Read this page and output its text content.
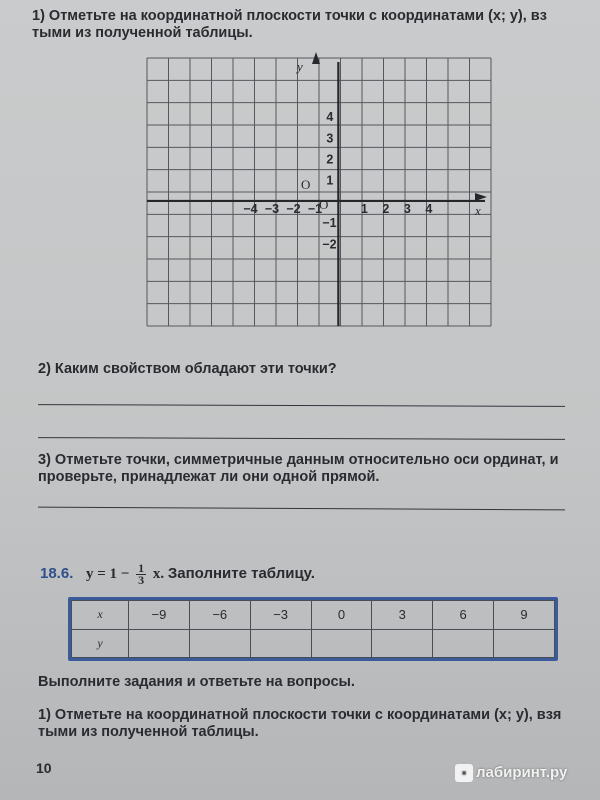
1) Отметьте на координатной плоскости точки с координатами (x; y), вз
тыми из полученной таблицы.
y
x
O
O
−4 −3 −2 −1	1 2 3 4
4
3
2
1
−1
−2
2) Каким свойством обладают эти точки?
3) Отметьте точки, симметричные данным относительно оси ординат, и
проверьте, принадлежат ли они одной прямой.
18.6. $y = 1 - \frac{1}{3} x$. Заполните таблицу.
x	−9	−6	−3	0	3	6	9
y							
Выполните задания и ответьте на вопросы.
1) Отметьте на координатной плоскости точки с координатами (x; y), взя
тыми из полученной таблицы.
10	▪ лабиринт.ру
